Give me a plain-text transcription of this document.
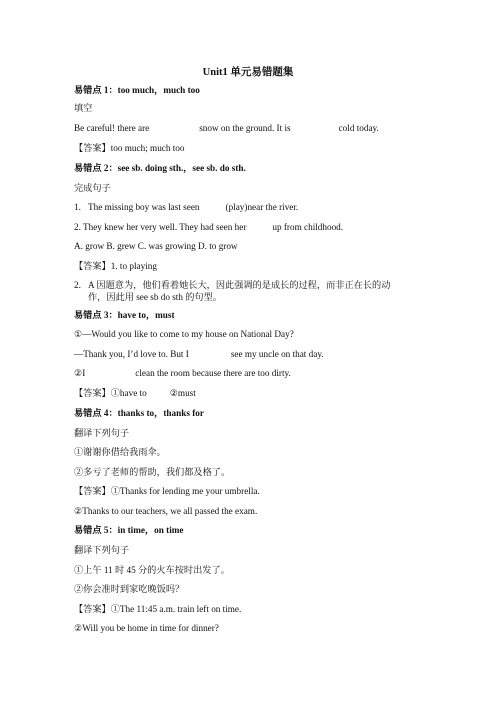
Unit1 单元易错题集
易错点 1：too much，much too
填空
Be careful! there are	snow on the ground. It is	cold today.
【答案】too much; much too
易错点 2：see sb. doing sth.，see sb. do sth.
完成句子
1. The missing boy was last seen	(play)near the river.
2. They knew her very well. They had seen her	up from childhood.
A. grow B. grew C. was growing D. to grow
【答案】1. to playing
2. A 因题意为，他们看着她长大，因此强调的是成长的过程，而非正在长的动
作，因此用 see sb do sth 的句型。
易错点 3：have to，must
①—Would you like to come to my house on National Day?
—Thank you, I’d love to. But I	see my uncle on that day.
②I	clean the room because there are too dirty.
【答案】①have to          ②must
易错点 4：thanks to，thanks for
翻译下列句子
①谢谢你借给我雨伞。
②多亏了老师的帮助，我们都及格了。
【答案】①Thanks for lending me your umbrella.
②Thanks to our teachers, we all passed the exam.
易错点 5：in time，on time
翻译下列句子
①上午 11 时 45 分的火车按时出发了。
②你会准时到家吃晚饭吗？
【答案】①The 11:45 a.m. train left on time.
②Will you be home in time for dinner?
